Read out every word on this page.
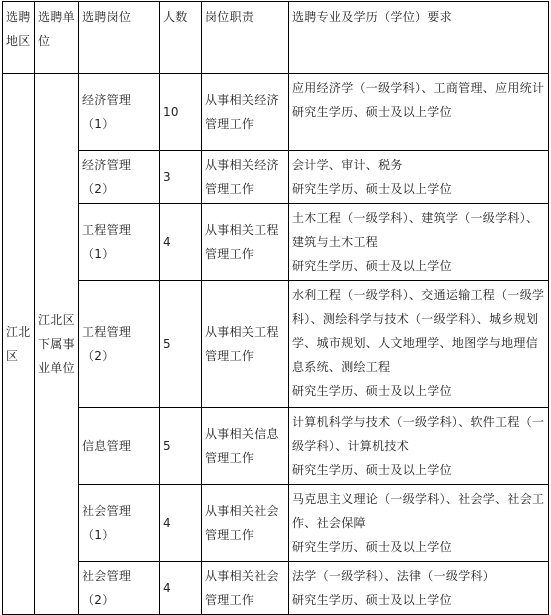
选聘地区	选聘单位	选聘岗位	人数	岗位职责	选聘专业及学历（学位）要求
江北区	江北区下属事业单位	经济管理（1）	10	从事相关经济管理工作	应用经济学（一级学科）、工商管理、应用统计
研究生学历、硕士及以上学位

		经济管理（2）	3	从事相关经济管理工作	会计学、审计、税务
研究生学历、硕士及以上学位

		工程管理（1）	4	从事相关工程管理工作	土木工程（一级学科）、建筑学（一级学科）、建筑与土木工程
研究生学历、硕士及以上学位

		工程管理（2）	5	从事相关工程管理工作	水利工程（一级学科）、交通运输工程（一级学科）、测绘科学与技术（一级学科）、城乡规划学、城市规划、人文地理学、地图学与地理信息系统、测绘工程
研究生学历、硕士及以上学位

		信息管理	5	从事相关信息管理工作	计算机科学与技术（一级学科）、软件工程（一级学科）、计算机技术
研究生学历、硕士及以上学位

		社会管理（1）	4	从事相关社会管理工作	马克思主义理论（一级学科）、社会学、社会工作、社会保障
研究生学历、硕士及以上学位

		社会管理（2）	4	从事相关社会管理工作	法学（一级学科）、法律（一级学科）
研究生学历、硕士及以上学位
